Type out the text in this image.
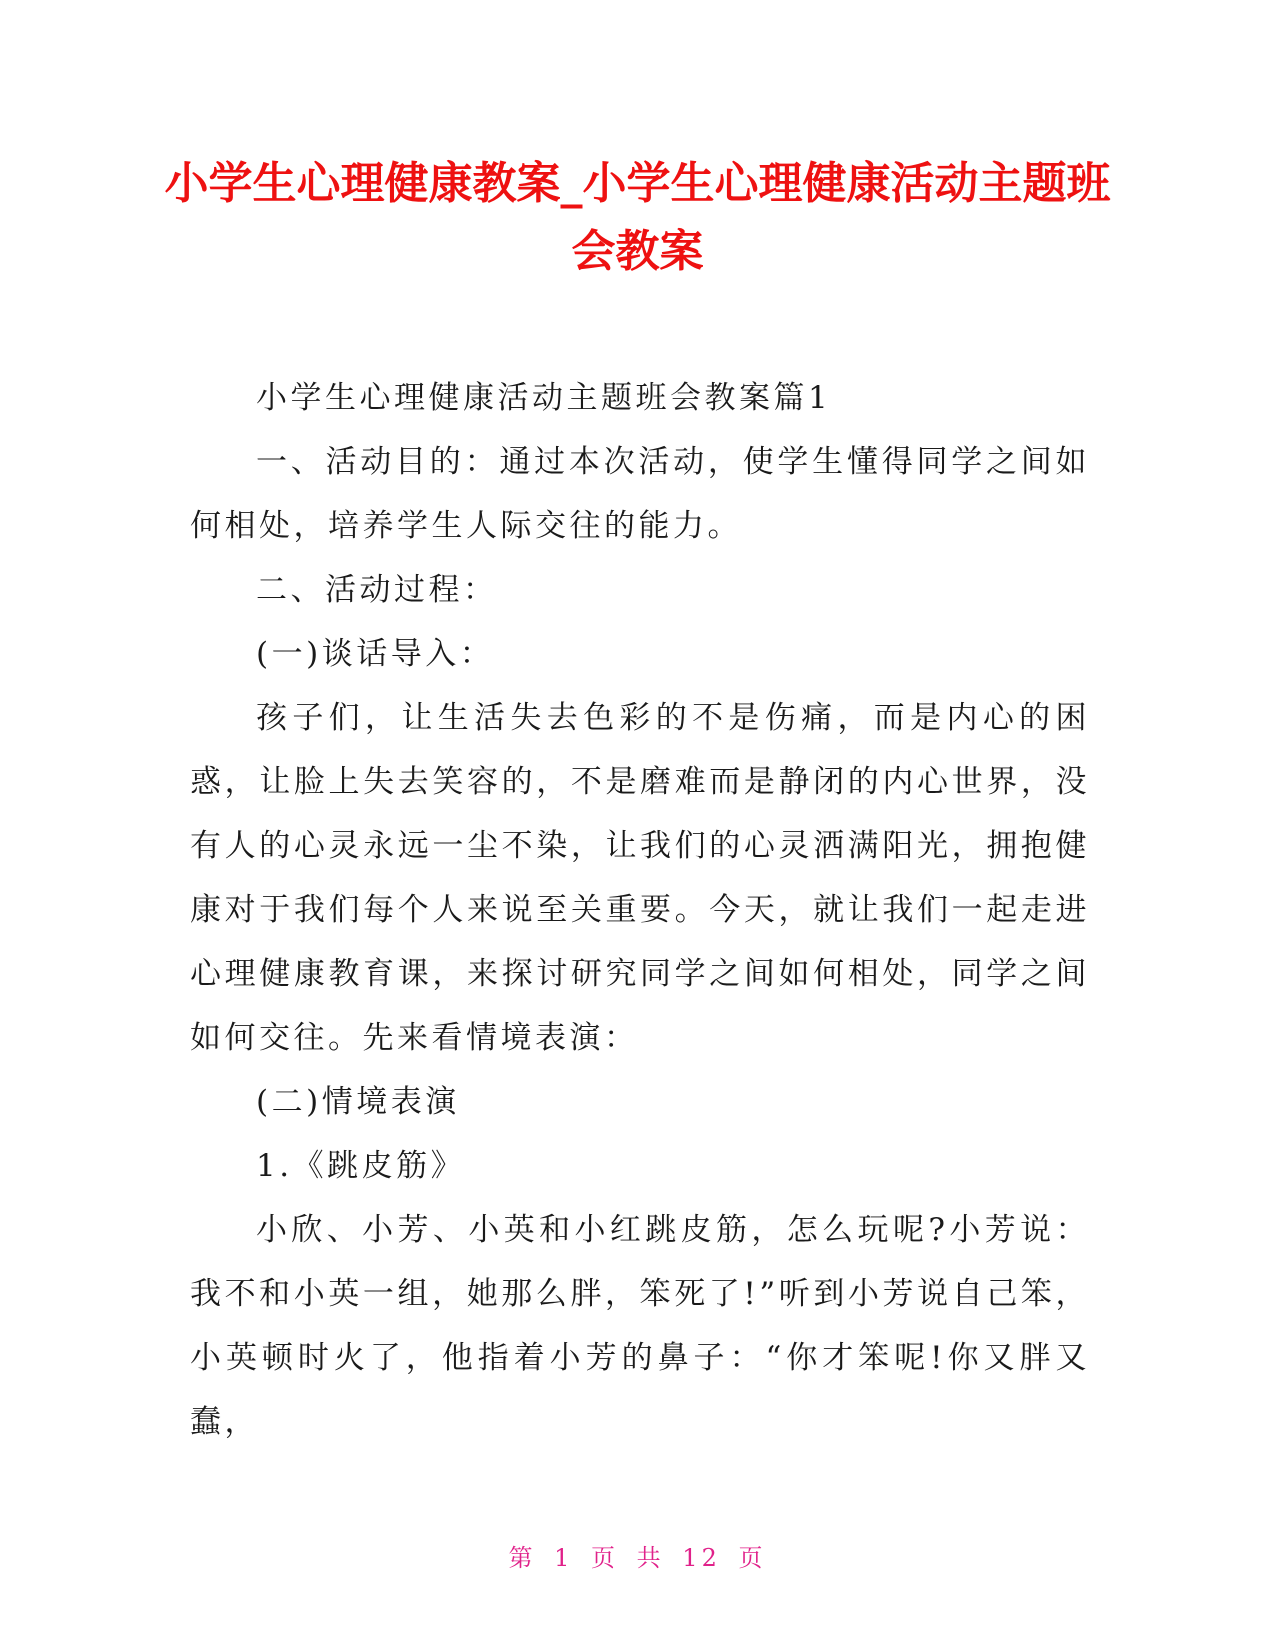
小学生心理健康教案_小学生心理健康活动主题班会教案

小学生心理健康活动主题班会教案篇1

一、活动目的：通过本次活动，使学生懂得同学之间如何相处，培养学生人际交往的能力。

二、活动过程：

(一)谈话导入：

孩子们，让生活失去色彩的不是伤痛，而是内心的困惑，让脸上失去笑容的，不是磨难而是静闭的内心世界，没有人的心灵永远一尘不染，让我们的心灵洒满阳光，拥抱健康对于我们每个人来说至关重要。今天，就让我们一起走进心理健康教育课，来探讨研究同学之间如何相处，同学之间如何交往。先来看情境表演：

(二)情境表演

1.《跳皮筋》

小欣、小芳、小英和小红跳皮筋，怎么玩呢?小芳说：我不和小英一组，她那么胖，笨死了!”听到小芳说自己笨，小英顿时火了，他指着小芳的鼻子：“你才笨呢!你又胖又蠢，

第 1 页 共 12 页
